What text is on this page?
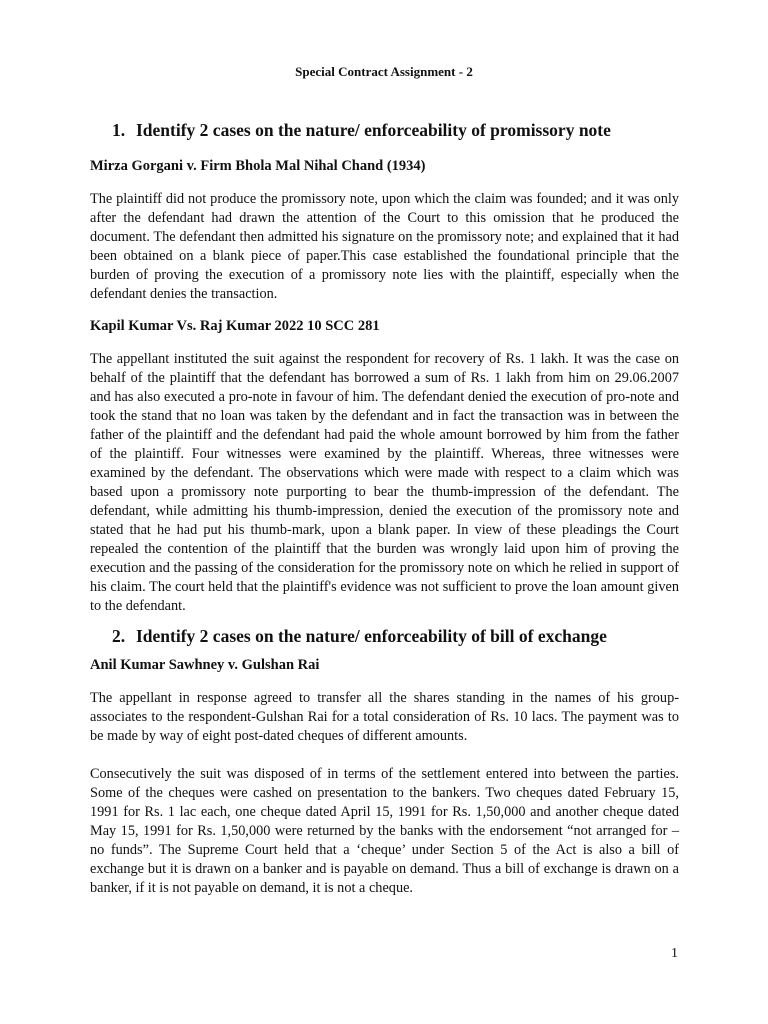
Special Contract Assignment - 2
1. Identify 2 cases on the nature/ enforceability of promissory note
Mirza Gorgani v. Firm Bhola Mal Nihal Chand (1934)

The plaintiff did not produce the promissory note, upon which the claim was founded; and it was only after the defendant had drawn the attention of the Court to this omission that he produced the document. The defendant then admitted his signature on the promissory note; and explained that it had been obtained on a blank piece of paper.This case established the foundational principle that the burden of proving the execution of a promissory note lies with the plaintiff, especially when the defendant denies the transaction.

Kapil Kumar Vs. Raj Kumar 2022 10 SCC 281

The appellant instituted the suit against the respondent for recovery of Rs. 1 lakh. It was the case on behalf of the plaintiff that the defendant has borrowed a sum of Rs. 1 lakh from him on 29.06.2007 and has also executed a pro-note in favour of him. The defendant denied the execution of pro-note and took the stand that no loan was taken by the defendant and in fact the transaction was in between the father of the plaintiff and the defendant had paid the whole amount borrowed by him from the father of the plaintiff. Four witnesses were examined by the plaintiff. Whereas, three witnesses were examined by the defendant. The observations which were made with respect to a claim which was based upon a promissory note purporting to bear the thumb-impression of the defendant. The defendant, while admitting his thumb-impression, denied the execution of the promissory note and stated that he had put his thumb-mark, upon a blank paper. In view of these pleadings the Court repealed the contention of the plaintiff that the burden was wrongly laid upon him of proving the execution and the passing of the consideration for the promissory note on which he relied in support of his claim. The court held that the plaintiff's evidence was not sufficient to prove the loan amount given to the defendant.

2. Identify 2 cases on the nature/ enforceability of bill of exchange
Anil Kumar Sawhney v. Gulshan Rai

The appellant in response agreed to transfer all the shares standing in the names of his group-associates to the respondent-Gulshan Rai for a total consideration of Rs. 10 lacs. The payment was to be made by way of eight post-dated cheques of different amounts.

Consecutively the suit was disposed of in terms of the settlement entered into between the parties. Some of the cheques were cashed on presentation to the bankers. Two cheques dated February 15, 1991 for Rs. 1 lac each, one cheque dated April 15, 1991 for Rs. 1,50,000 and another cheque dated May 15, 1991 for Rs. 1,50,000 were returned by the banks with the endorsement “not arranged for – no funds”. The Supreme Court held that a ‘cheque’ under Section 5 of the Act is also a bill of exchange but it is drawn on a banker and is payable on demand. Thus a bill of exchange is drawn on a banker, if it is not payable on demand, it is not a cheque.

1
